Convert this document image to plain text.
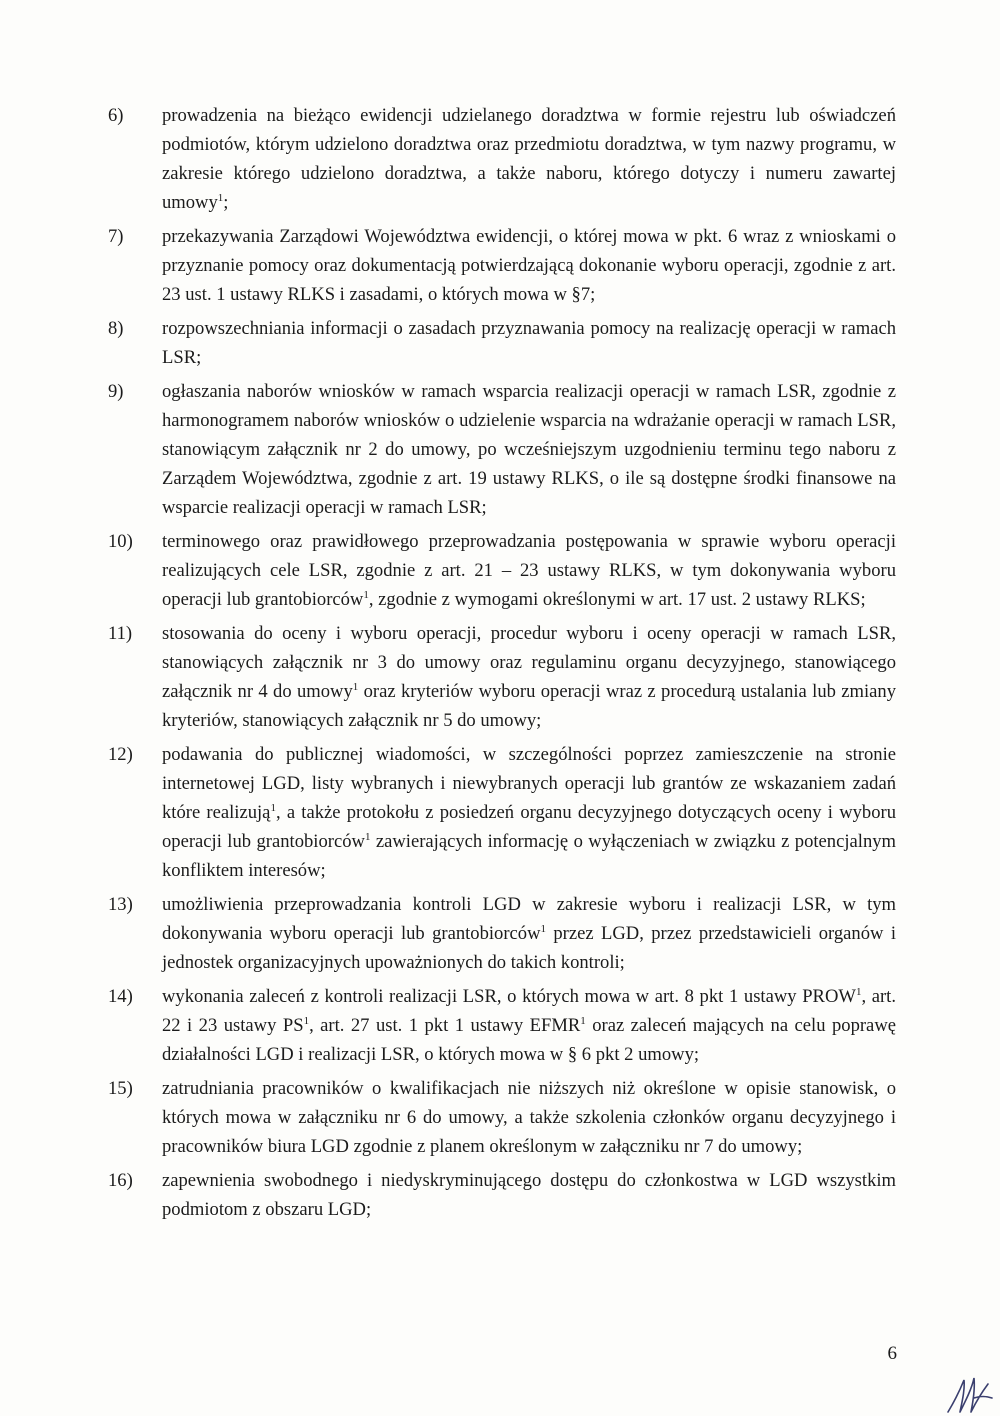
6)	prowadzenia na bieżąco ewidencji udzielanego doradztwa w formie rejestru lub oświadczeń podmiotów, którym udzielono doradztwa oraz przedmiotu doradztwa, w tym nazwy programu, w zakresie którego udzielono doradztwa, a także naboru, którego dotyczy i numeru zawartej umowy$^1$;
7)	przekazywania Zarządowi Województwa ewidencji, o której mowa w pkt. 6 wraz z wnioskami o przyznanie pomocy oraz dokumentacją potwierdzającą dokonanie wyboru operacji, zgodnie z art. 23 ust. 1 ustawy RLKS i zasadami, o których mowa w §7;
8)	rozpowszechniania informacji o zasadach przyznawania pomocy na realizację operacji w ramach LSR;
9)	ogłaszania naborów wniosków w ramach wsparcia realizacji operacji w ramach LSR, zgodnie z harmonogramem naborów wniosków o udzielenie wsparcia na wdrażanie operacji w ramach LSR, stanowiącym załącznik nr 2 do umowy, po wcześniejszym uzgodnieniu terminu tego naboru z Zarządem Województwa, zgodnie z art. 19 ustawy RLKS, o ile są dostępne środki finansowe na wsparcie realizacji operacji w ramach LSR;
10)	terminowego oraz prawidłowego przeprowadzania postępowania w sprawie wyboru operacji realizujących cele LSR, zgodnie z art. 21 – 23 ustawy RLKS, w tym dokonywania wyboru operacji lub grantobiorców$^1$, zgodnie z wymogami określonymi w art. 17 ust. 2 ustawy RLKS;
11)	stosowania do oceny i wyboru operacji, procedur wyboru i oceny operacji w ramach LSR, stanowiących załącznik nr 3 do umowy oraz regulaminu organu decyzyjnego, stanowiącego załącznik nr 4 do umowy$^1$ oraz kryteriów wyboru operacji wraz z procedurą ustalania lub zmiany kryteriów, stanowiących załącznik nr 5 do umowy;
12)	podawania do publicznej wiadomości, w szczególności poprzez zamieszczenie na stronie internetowej LGD, listy wybranych i niewybranych operacji lub grantów ze wskazaniem zadań które realizują$^1$, a także protokołu z posiedzeń organu decyzyjnego dotyczących oceny i wyboru operacji lub grantobiorców$^1$ zawierających informację o wyłączeniach w związku z potencjalnym konfliktem interesów;
13)	umożliwienia przeprowadzania kontroli LGD w zakresie wyboru i realizacji LSR, w tym dokonywania wyboru operacji lub grantobiorców$^1$ przez LGD, przez przedstawicieli organów i jednostek organizacyjnych upoważnionych do takich kontroli;
14)	wykonania zaleceń z kontroli realizacji LSR, o których mowa w art. 8 pkt 1 ustawy PROW$^1$, art. 22 i 23 ustawy $PS^1$, art. 27 ust. 1 pkt 1 ustawy EFMR$^1$ oraz zaleceń mających na celu poprawę działalności LGD i realizacji LSR, o których mowa w § 6 pkt 2 umowy;
15)	zatrudniania pracowników o kwalifikacjach nie niższych niż określone w opisie stanowisk, o których mowa w załączniku nr 6 do umowy, a także szkolenia członków organu decyzyjnego i pracowników biura LGD zgodnie z planem określonym w załączniku nr 7 do umowy;
16)	zapewnienia swobodnego i niedyskryminującego dostępu do członkostwa w LGD wszystkim podmiotom z obszaru LGD;
6
